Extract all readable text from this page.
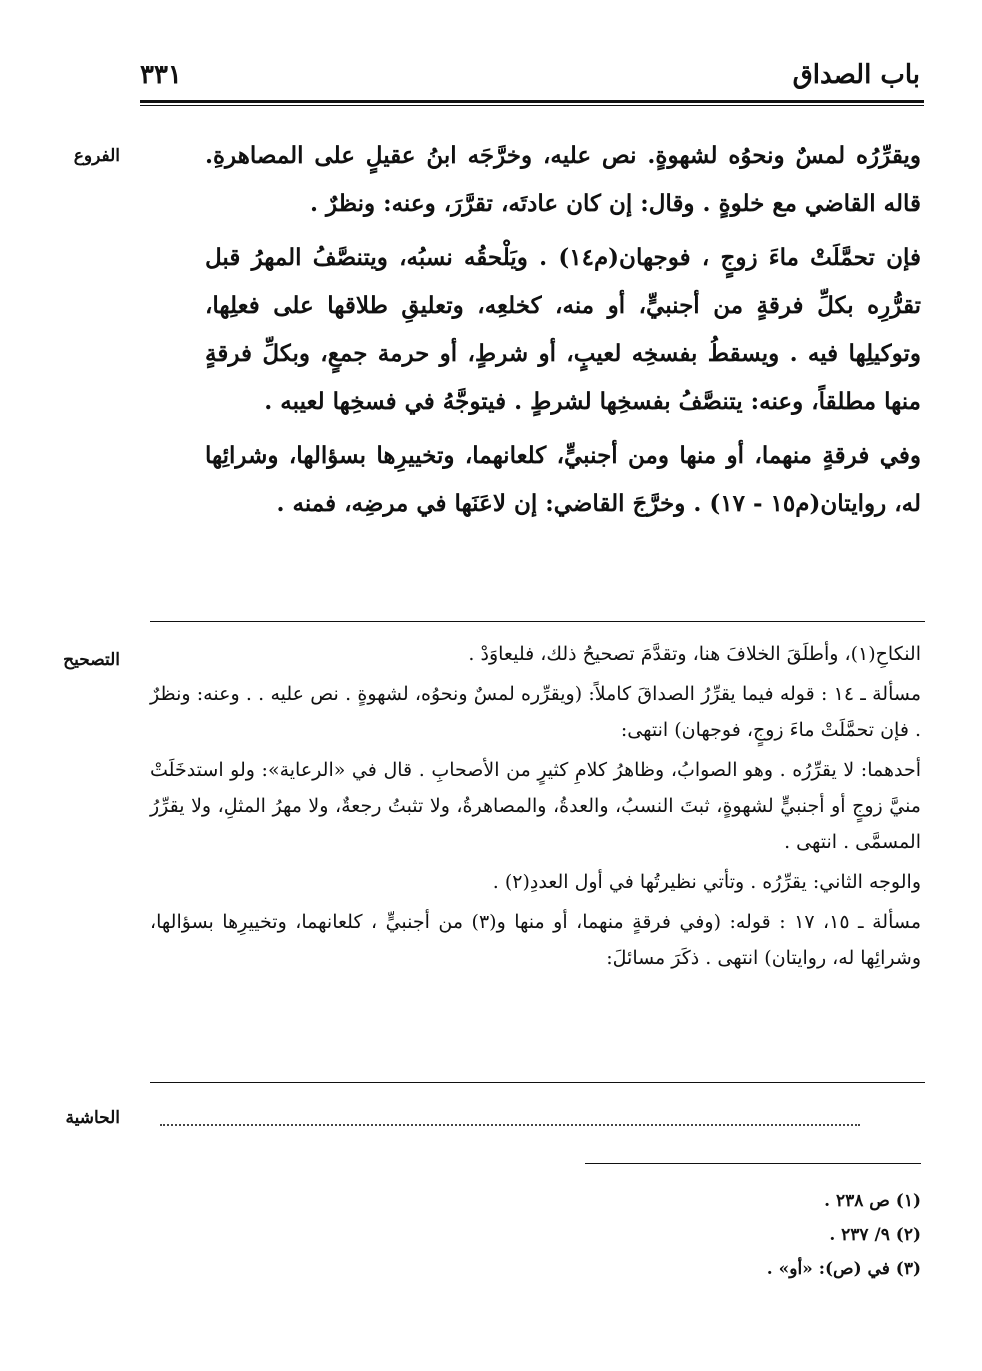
باب الصداق
٣٣١
الفروع	ويقرِّرُه لمسٌ ونحوُه لشهوةٍ. نص عليه، وخرَّجَه ابنُ عقيلٍ على المصاهرةِ. قاله القاضي مع خلوةٍ . وقال: إن كان عادتَه، تقرَّرَ، وعنه: ونظرٌ .

فإن تحمَّلَتْ ماءَ زوجٍ ، فوجهان(م١٤) . ويَلْحقُه نسبُه، ويتنصَّفُ المهرُ قبل تقرُّرِه بكلِّ فرقةٍ من أجنبيٍّ، أو منه، كخلعِه، وتعليقِ طلاقها على فعلِها، وتوكيلِها فيه . ويسقطُ بفسخِه لعيبٍ، أو شرطٍ، أو حرمة جمعٍ، وبكلِّ فرقةٍ منها مطلقاً، وعنه: يتنصَّفُ بفسخِها لشرطٍ . فيتوجَّهُ في فسخِها لعيبه .

وفي فرقةٍ منهما، أو منها ومن أجنبيٍّ، كلعانهما، وتخييرِها بسؤالها، وشرائِها له، روايتان(م١٥ - ١٧) . وخرَّجَ القاضي: إن لاعَنَها في مرضِه، فمنه .

التصحيح	النكاحِ(١)، وأطلَقَ الخلافَ هنا، وتقدَّمَ تصحيحُ ذلك، فليعاوَدْ .

مسألة ـ ١٤ : قوله فيما يقرِّرُ الصداقَ كاملاً: (ويقرِّره لمسٌ ونحوُه، لشهوةٍ . نص عليه . . وعنه: ونظرٌ . فإن تحمَّلَتْ ماءَ زوجٍ، فوجهان) انتهى:

أحدهما: لا يقرِّرُه . وهو الصوابُ، وظاهرُ كلامِ كثيرٍ من الأصحابِ . قال في «الرعاية»: ولو استدخَلَتْ منيَّ زوجٍ أو أجنبيٍّ لشهوةٍ، ثبتَ النسبُ، والعدةُ، والمصاهرةُ، ولا تثبتُ رجعةٌ، ولا مهرُ المثلِ، ولا يقرِّرُ المسمَّى . انتهى .

والوجه الثاني: يقرِّرُه . وتأتي نظيرتُها في أول العددِ(٢) .

مسألة ـ ١٥، ١٧ : قوله: (وفي فرقةٍ منهما، أو منها و(٣) من أجنبيٍّ ، كلعانهما، وتخييرِها بسؤالها، وشرائِها له، روايتان) انتهى . ذكَرَ مسائلَ:

الحاشية
(١) ص ٢٣٨ .
(٢) ٩/ ٢٣٧ .
(٣) في (ص): «أو» .
